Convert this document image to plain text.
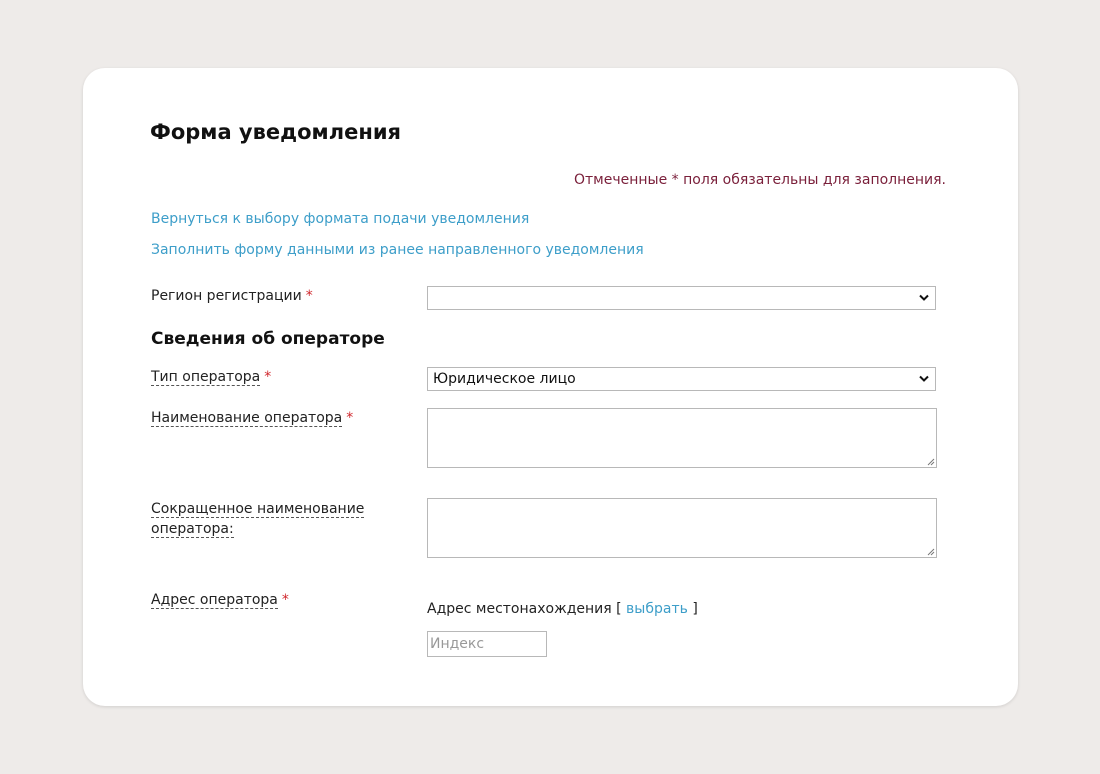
Форма уведомления
Отмеченные * поля обязательны для заполнения.
Вернуться к выбору формата подачи уведомления
Заполнить форму данными из ранее направленного уведомления
Регион регистрации *
Сведения об операторе
Тип оператора *	Юридическое лицо
Наименование оператора *
Сокращенное наименование
оператора:
Адрес оператора *
Адрес местонахождения [ выбрать ]
Индекс
